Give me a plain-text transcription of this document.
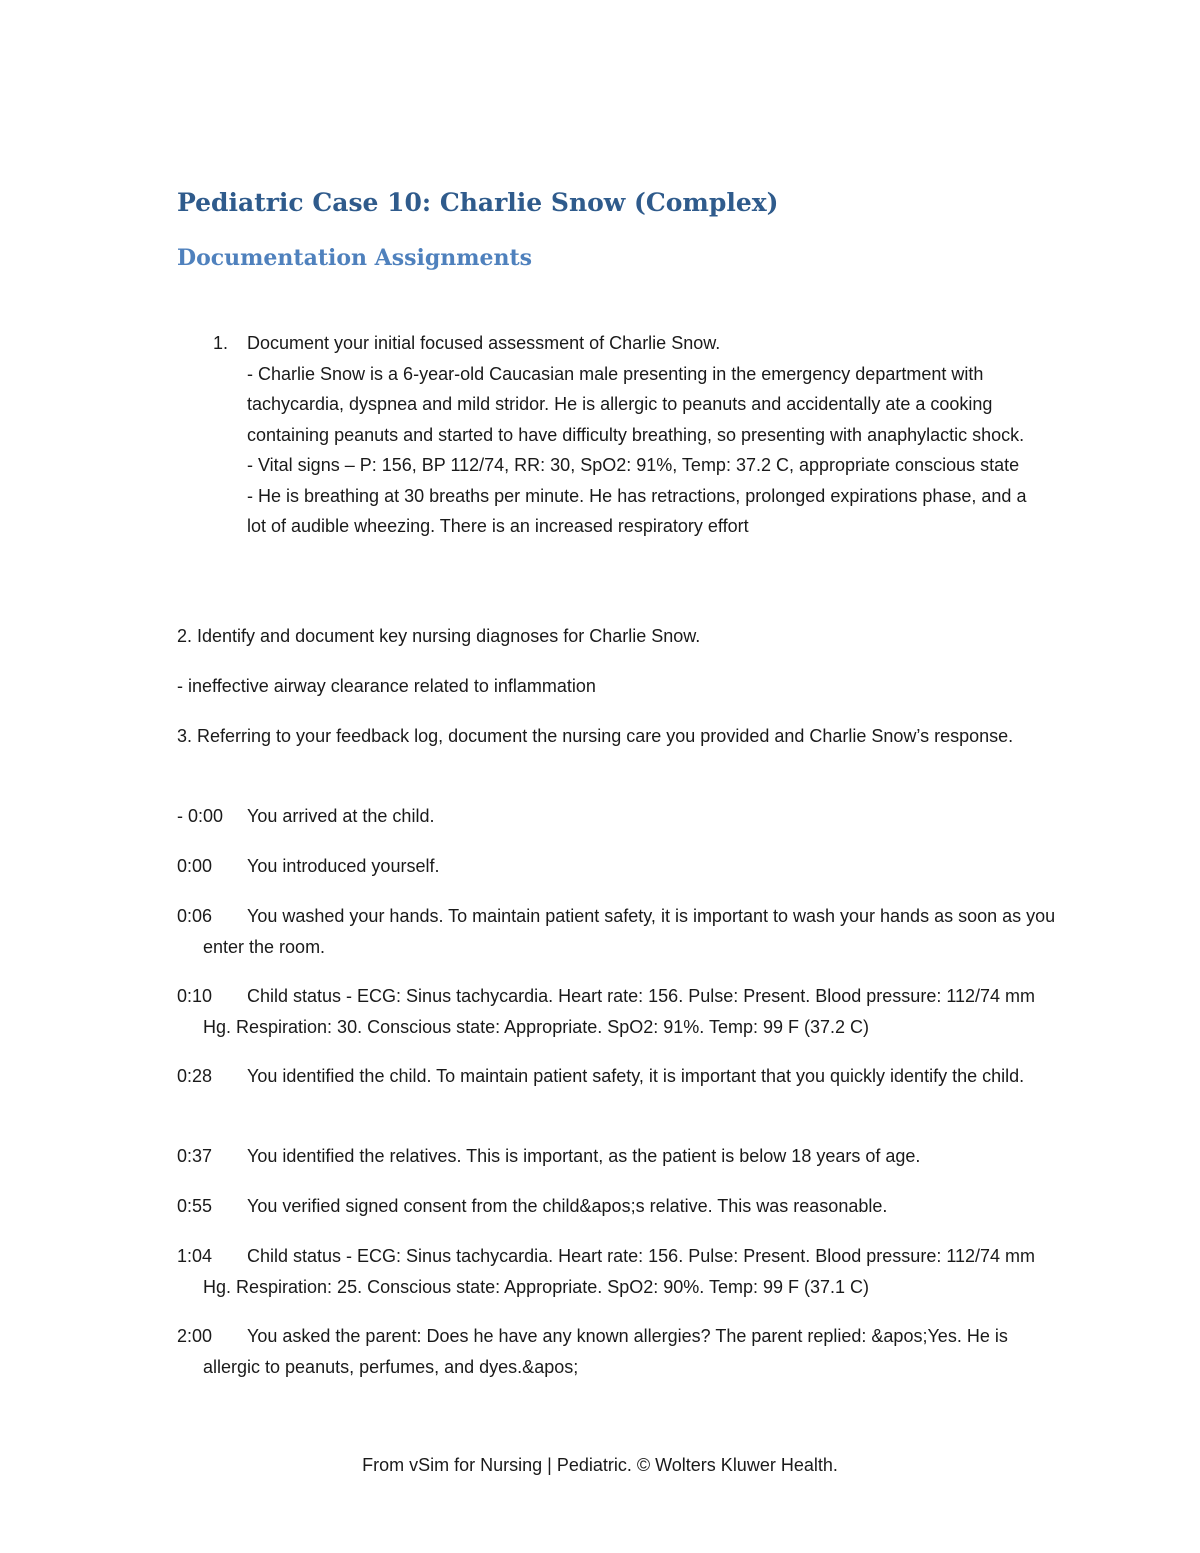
Pediatric Case 10: Charlie Snow (Complex)
Documentation Assignments
1. Document your initial focused assessment of Charlie Snow.
- Charlie Snow is a 6-year-old Caucasian male presenting in the emergency department with tachycardia, dyspnea and mild stridor. He is allergic to peanuts and accidentally ate a cooking containing peanuts and started to have difficulty breathing, so presenting with anaphylactic shock.
- Vital signs – P: 156, BP 112/74, RR: 30, SpO2: 91%, Temp: 37.2 C, appropriate conscious state
- He is breathing at 30 breaths per minute. He has retractions, prolonged expirations phase, and a lot of audible wheezing. There is an increased respiratory effort
2. Identify and document key nursing diagnoses for Charlie Snow.
- ineffective airway clearance related to inflammation
3. Referring to your feedback log, document the nursing care you provided and Charlie Snow’s response.
- 0:00	You arrived at the child.
0:00	You introduced yourself.
0:06	You washed your hands. To maintain patient safety, it is important to wash your hands as soon as you enter the room.
0:10	Child status - ECG: Sinus tachycardia. Heart rate: 156. Pulse: Present. Blood pressure: 112/74 mm Hg. Respiration: 30. Conscious state: Appropriate. SpO2: 91%. Temp: 99 F (37.2 C)
0:28	You identified the child. To maintain patient safety, it is important that you quickly identify the child.
0:37	You identified the relatives. This is important, as the patient is below 18 years of age.
0:55	You verified signed consent from the child&apos;s relative. This was reasonable.
1:04	Child status - ECG: Sinus tachycardia. Heart rate: 156. Pulse: Present. Blood pressure: 112/74 mm Hg. Respiration: 25. Conscious state: Appropriate. SpO2: 90%. Temp: 99 F (37.1 C)
2:00	You asked the parent: Does he have any known allergies? The parent replied: &apos;Yes. He is allergic to peanuts, perfumes, and dyes.&apos;
From vSim for Nursing | Pediatric. © Wolters Kluwer Health.
